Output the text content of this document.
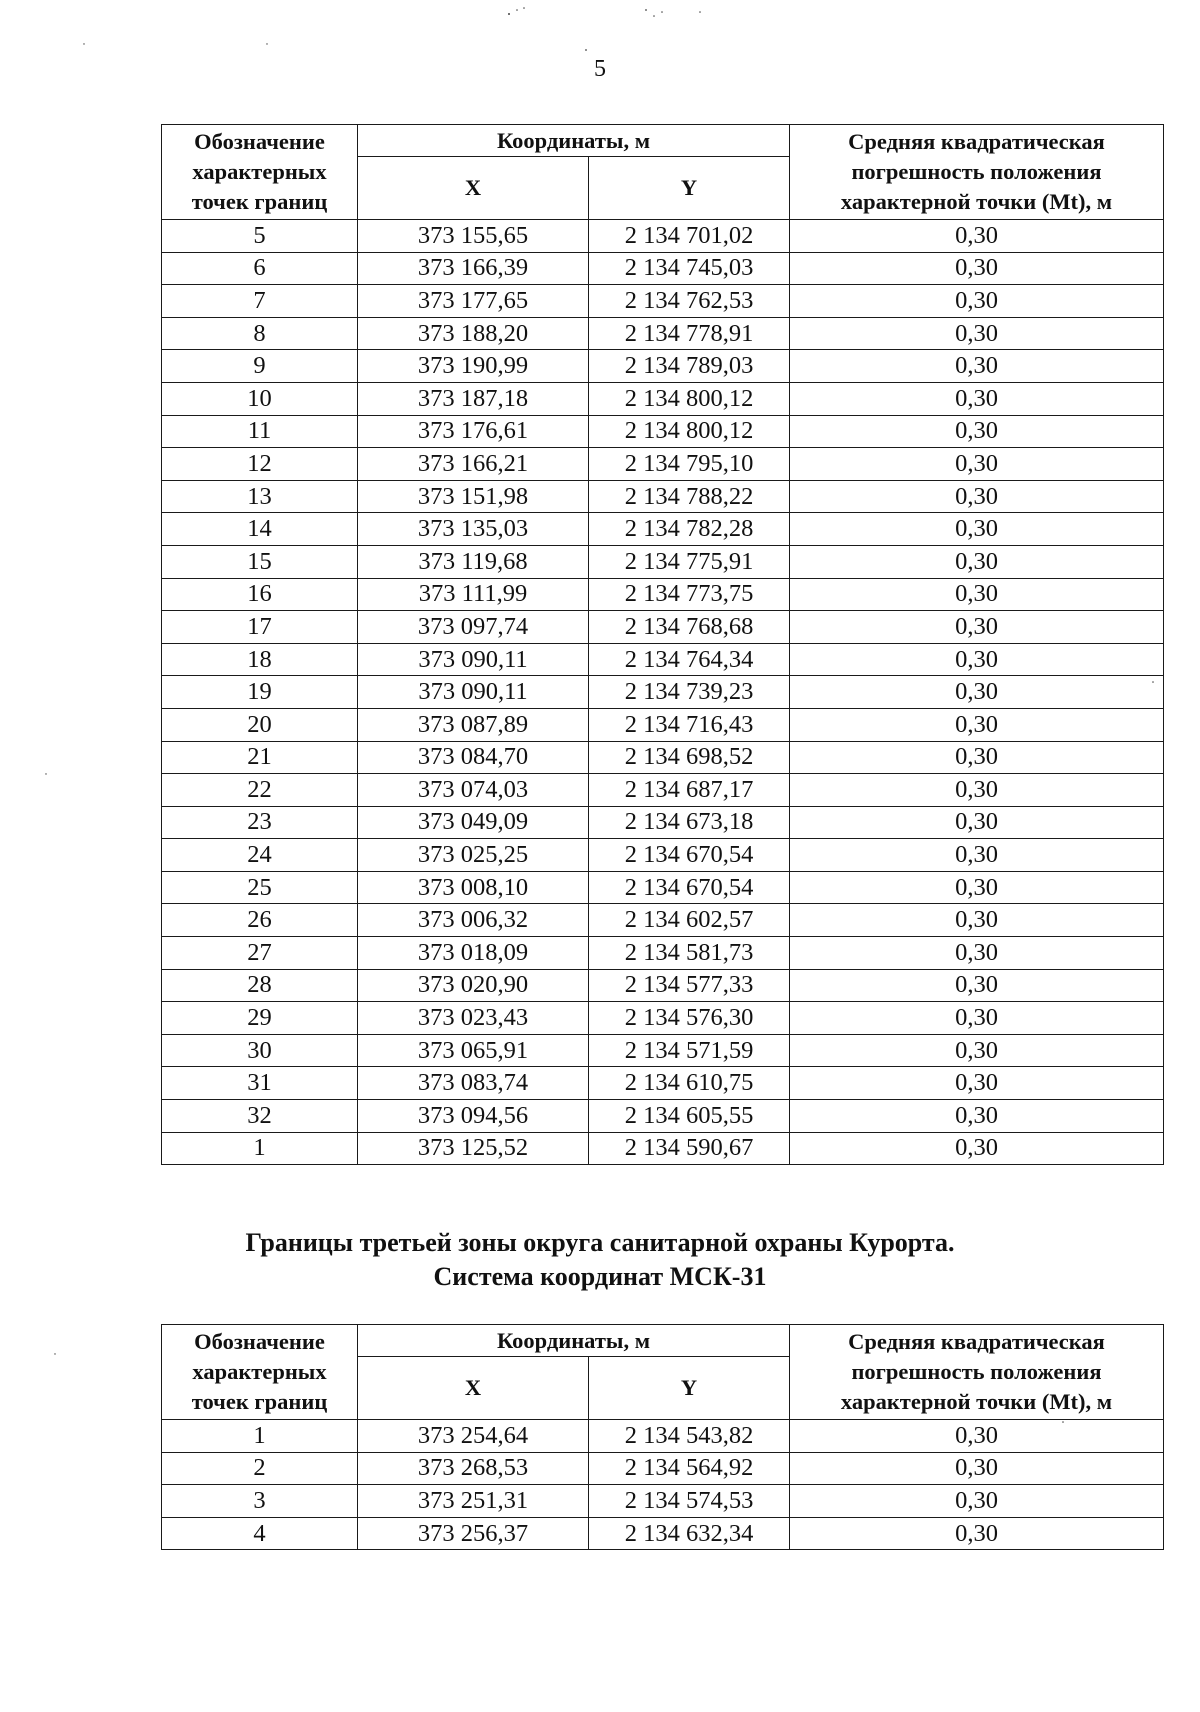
5
Обозначение характерных точек границ	Координаты, м		Средняя квадратическая погрешность положения характерной точки (Mt), м
	X	Y	
5	373 155,65	2 134 701,02	0,30
6	373 166,39	2 134 745,03	0,30
7	373 177,65	2 134 762,53	0,30
8	373 188,20	2 134 778,91	0,30
9	373 190,99	2 134 789,03	0,30
10	373 187,18	2 134 800,12	0,30
11	373 176,61	2 134 800,12	0,30
12	373 166,21	2 134 795,10	0,30
13	373 151,98	2 134 788,22	0,30
14	373 135,03	2 134 782,28	0,30
15	373 119,68	2 134 775,91	0,30
16	373 111,99	2 134 773,75	0,30
17	373 097,74	2 134 768,68	0,30
18	373 090,11	2 134 764,34	0,30
19	373 090,11	2 134 739,23	0,30
20	373 087,89	2 134 716,43	0,30
21	373 084,70	2 134 698,52	0,30
22	373 074,03	2 134 687,17	0,30
23	373 049,09	2 134 673,18	0,30
24	373 025,25	2 134 670,54	0,30
25	373 008,10	2 134 670,54	0,30
26	373 006,32	2 134 602,57	0,30
27	373 018,09	2 134 581,73	0,30
28	373 020,90	2 134 577,33	0,30
29	373 023,43	2 134 576,30	0,30
30	373 065,91	2 134 571,59	0,30
31	373 083,74	2 134 610,75	0,30
32	373 094,56	2 134 605,55	0,30
1	373 125,52	2 134 590,67	0,30
Границы третьей зоны округа санитарной охраны Курорта.
Система координат МСК-31
Обозначение характерных точек границ	Координаты, м		Средняя квадратическая погрешность положения характерной точки (Mt), м
	X	Y	
1	373 254,64	2 134 543,82	0,30
2	373 268,53	2 134 564,92	0,30
3	373 251,31	2 134 574,53	0,30
4	373 256,37	2 134 632,34	0,30
